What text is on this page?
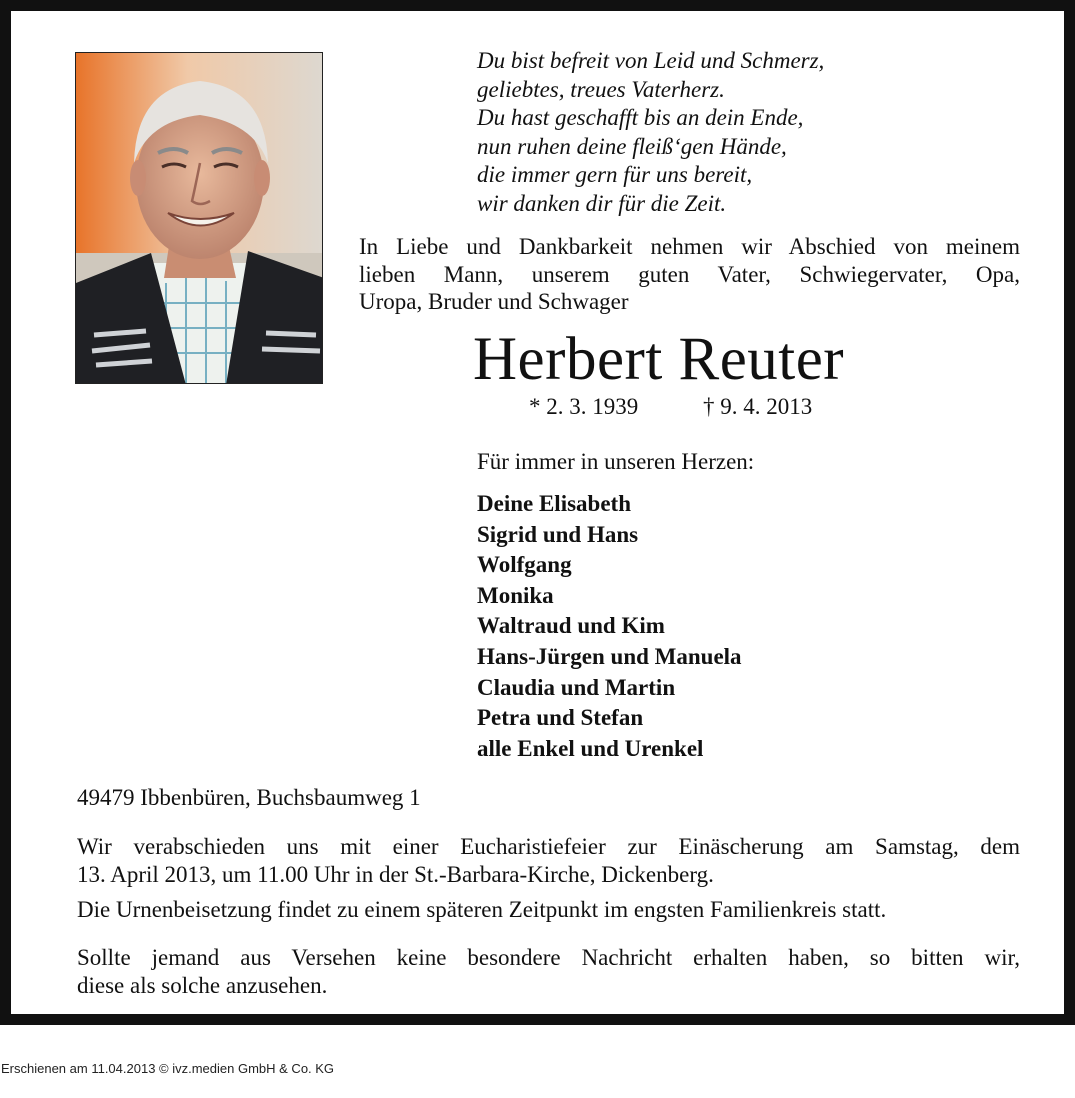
Du bist befreit von Leid und Schmerz,
geliebtes, treues Vaterherz.
Du hast geschafft bis an dein Ende,
nun ruhen deine fleiß‘gen Hände,
die immer gern für uns bereit,
wir danken dir für die Zeit.
In Liebe und Dankbarkeit nehmen wir Abschied von meinem
lieben Mann, unserem guten Vater, Schwiegervater, Opa,
Uropa, Bruder und Schwager
Herbert Reuter
* 2. 3. 1939	† 9. 4. 2013
Für immer in unseren Herzen:
Deine Elisabeth
Sigrid und Hans
Wolfgang
Monika
Waltraud und Kim
Hans-Jürgen und Manuela
Claudia und Martin
Petra und Stefan
alle Enkel und Urenkel
49479 Ibbenbüren, Buchsbaumweg 1
Wir verabschieden uns mit einer Eucharistiefeier zur Einäscherung am Samstag, dem
13. April 2013, um 11.00 Uhr in der St.-Barbara-Kirche, Dickenberg.
Die Urnenbeisetzung findet zu einem späteren Zeitpunkt im engsten Familienkreis statt.
Sollte jemand aus Versehen keine besondere Nachricht erhalten haben, so bitten wir,
diese als solche anzusehen.
Erschienen am 11.04.2013 © ivz.medien GmbH & Co. KG
